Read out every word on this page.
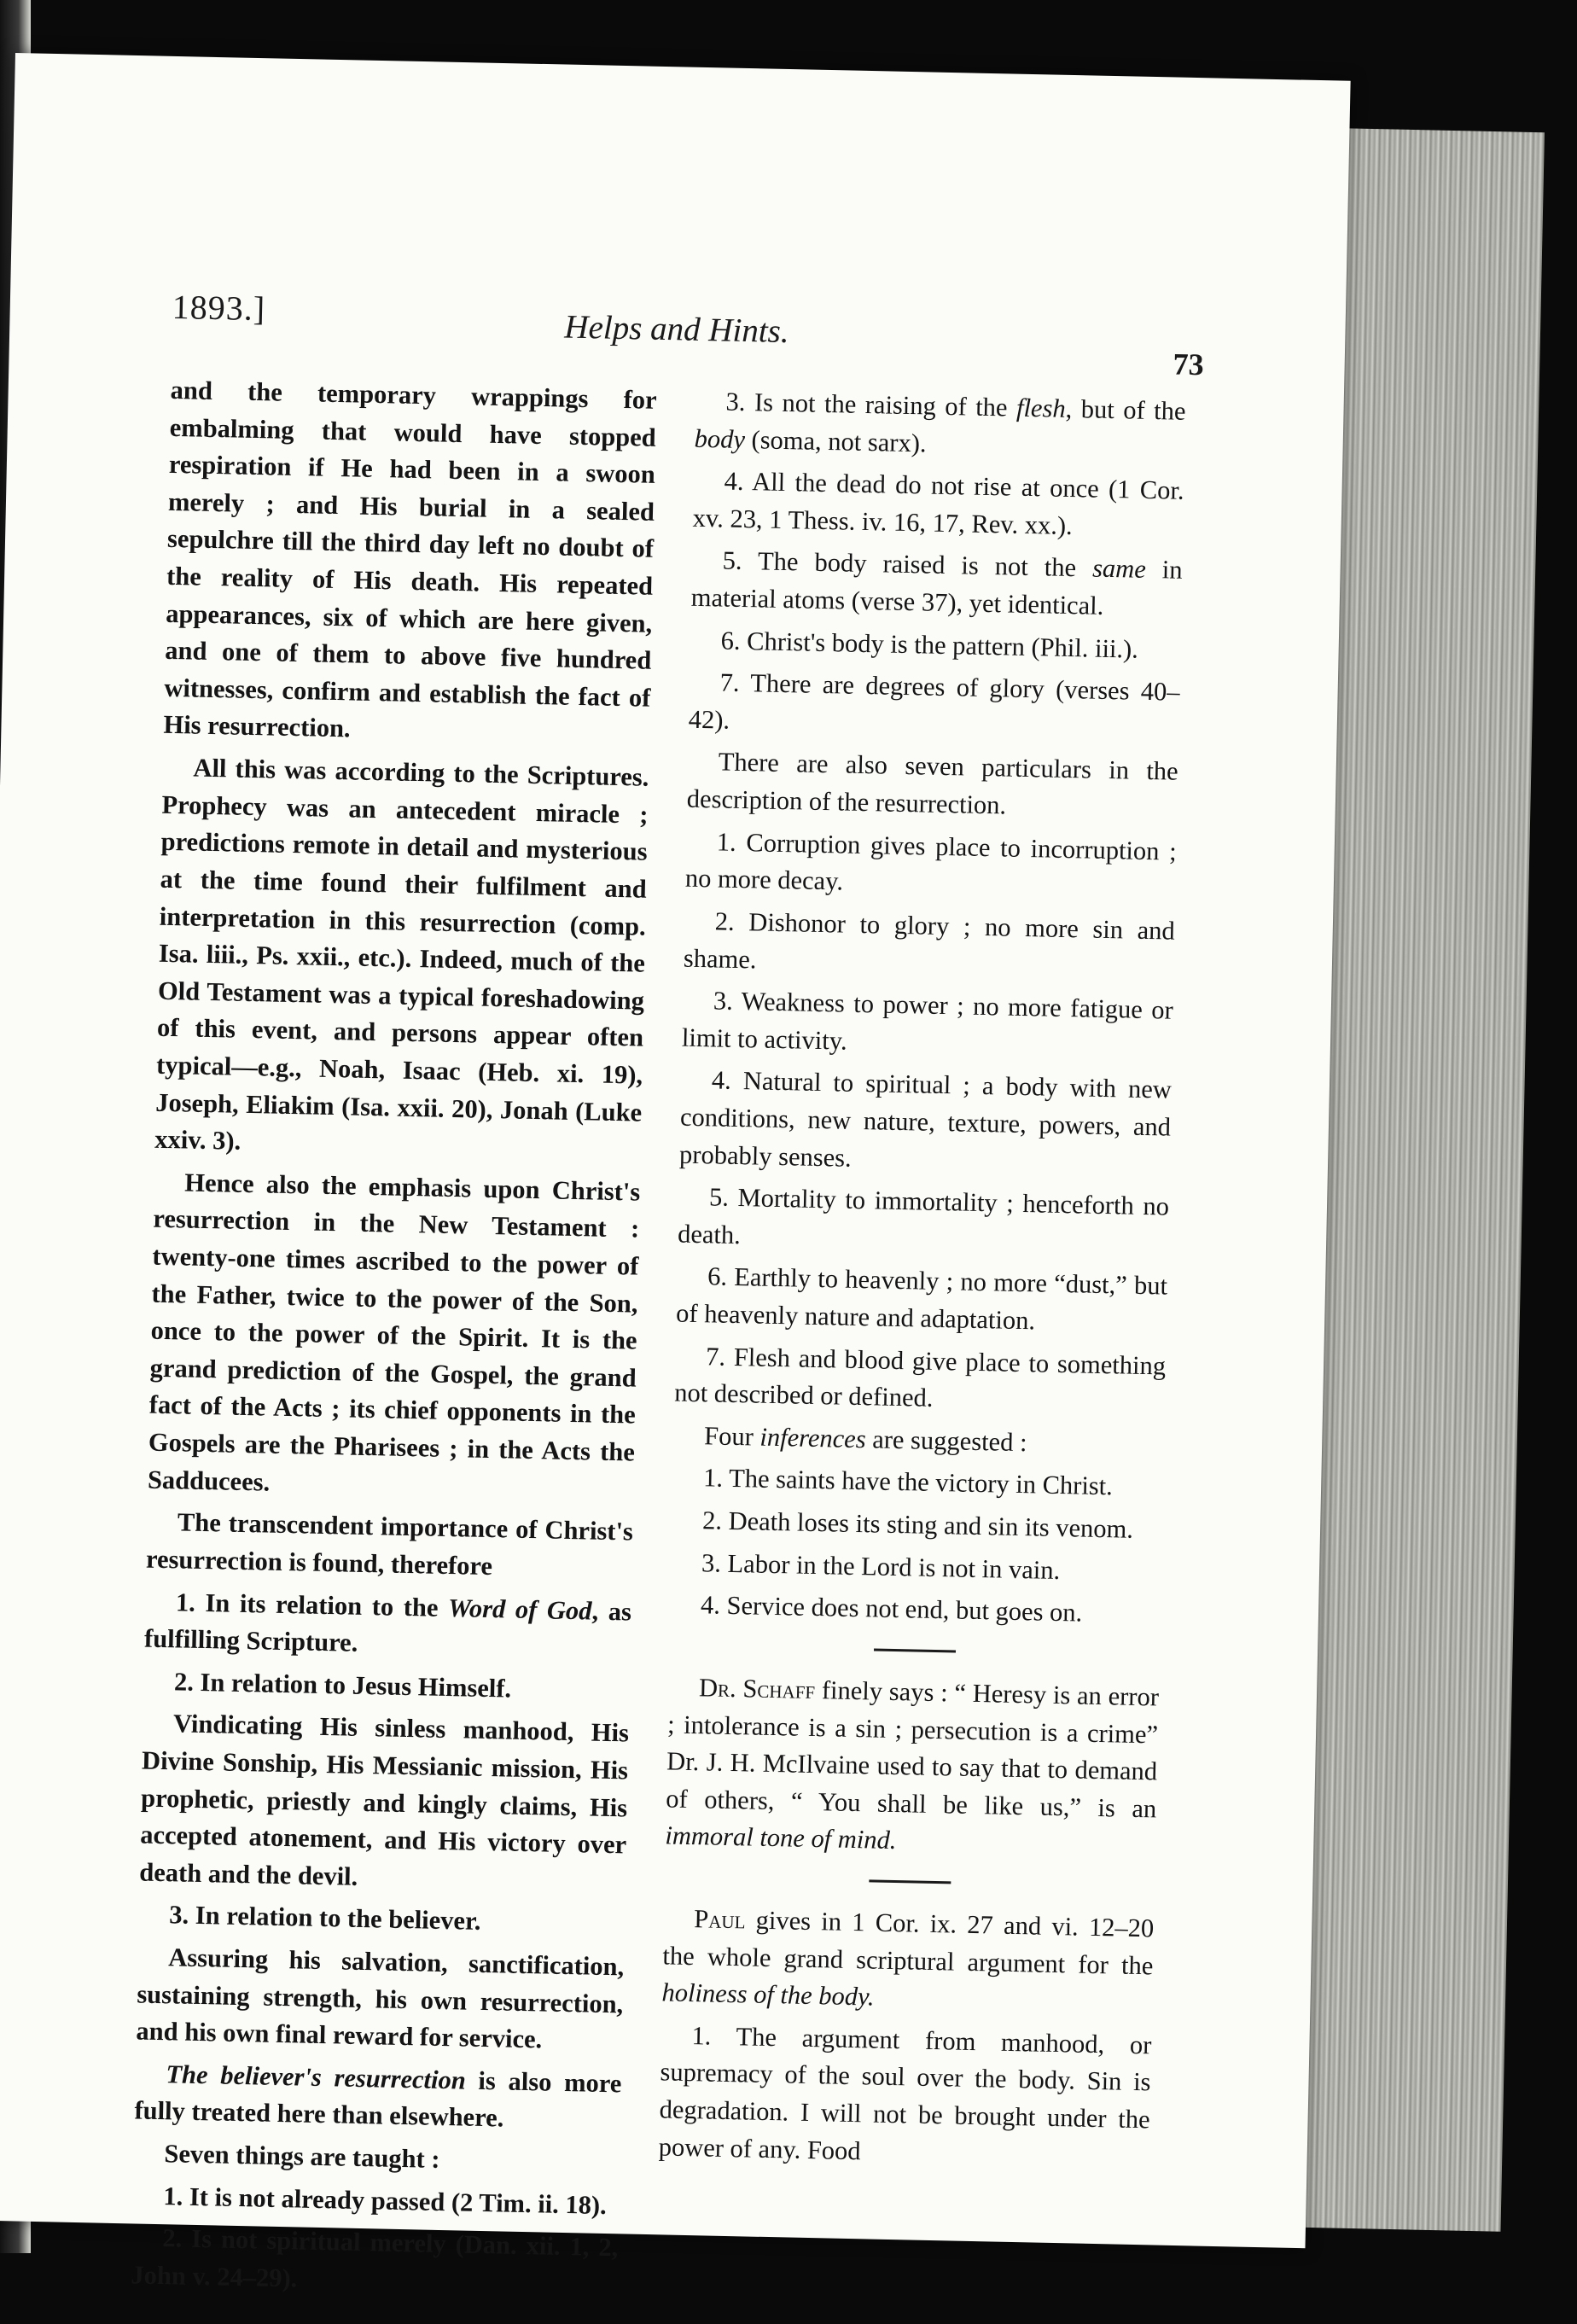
1893.]
Helps and Hints.
73

and the temporary wrappings for embalming that would have stopped respiration if He had been in a swoon merely ; and His burial in a sealed sepulchre till the third day left no doubt of the reality of His death. His repeated appearances, six of which are here given, and one of them to above five hundred witnesses, confirm and establish the fact of His resurrection.

All this was according to the Scriptures. Prophecy was an antecedent miracle ; predictions remote in detail and mysterious at the time found their fulfilment and interpretation in this resurrection (comp. Isa. liii., Ps. xxii., etc.). Indeed, much of the Old Testament was a typical foreshadowing of this event, and persons appear often typical—e.g., Noah, Isaac (Heb. xi. 19), Joseph, Eliakim (Isa. xxii. 20), Jonah (Luke xxiv. 3).

Hence also the emphasis upon Christ's resurrection in the New Testament : twenty-one times ascribed to the power of the Father, twice to the power of the Son, once to the power of the Spirit. It is the grand prediction of the Gospel, the grand fact of the Acts ; its chief opponents in the Gospels are the Pharisees ; in the Acts the Sadducees.

The transcendent importance of Christ's resurrection is found, therefore

1. In its relation to the Word of God, as fulfilling Scripture.

2. In relation to Jesus Himself.

Vindicating His sinless manhood, His Divine Sonship, His Messianic mission, His prophetic, priestly and kingly claims, His accepted atonement, and His victory over death and the devil.

3. In relation to the believer.

Assuring his salvation, sanctification, sustaining strength, his own resurrection, and his own final reward for service.

The believer's resurrection is also more fully treated here than elsewhere.

Seven things are taught :

1. It is not already passed (2 Tim. ii. 18).

2. Is not spiritual merely (Dan. xii. 1, 2, John v. 24–29).

3. Is not the raising of the flesh, but of the body (soma, not sarx).

4. All the dead do not rise at once (1 Cor. xv. 23, 1 Thess. iv. 16, 17, Rev. xx.).

5. The body raised is not the same in material atoms (verse 37), yet identical.

6. Christ's body is the pattern (Phil. iii.).

7. There are degrees of glory (verses 40–42).

There are also seven particulars in the description of the resurrection.

1. Corruption gives place to incorruption ; no more decay.

2. Dishonor to glory ; no more sin and shame.

3. Weakness to power ; no more fatigue or limit to activity.

4. Natural to spiritual ; a body with new conditions, new nature, texture, powers, and probably senses.

5. Mortality to immortality ; henceforth no death.

6. Earthly to heavenly ; no more “dust,” but of heavenly nature and adaptation.

7. Flesh and blood give place to something not described or defined.

Four inferences are suggested :

1. The saints have the victory in Christ.

2. Death loses its sting and sin its venom.

3. Labor in the Lord is not in vain.

4. Service does not end, but goes on.

Dr. Schaff finely says : “ Heresy is an error ; intolerance is a sin ; persecution is a crime” Dr. J. H. McIlvaine used to say that to demand of others, “ You shall be like us,” is an immoral tone of mind.

Paul gives in 1 Cor. ix. 27 and vi. 12–20 the whole grand scriptural argument for the holiness of the body.

1. The argument from manhood, or supremacy of the soul over the body. Sin is degradation. I will not be brought under the power of any. Food
